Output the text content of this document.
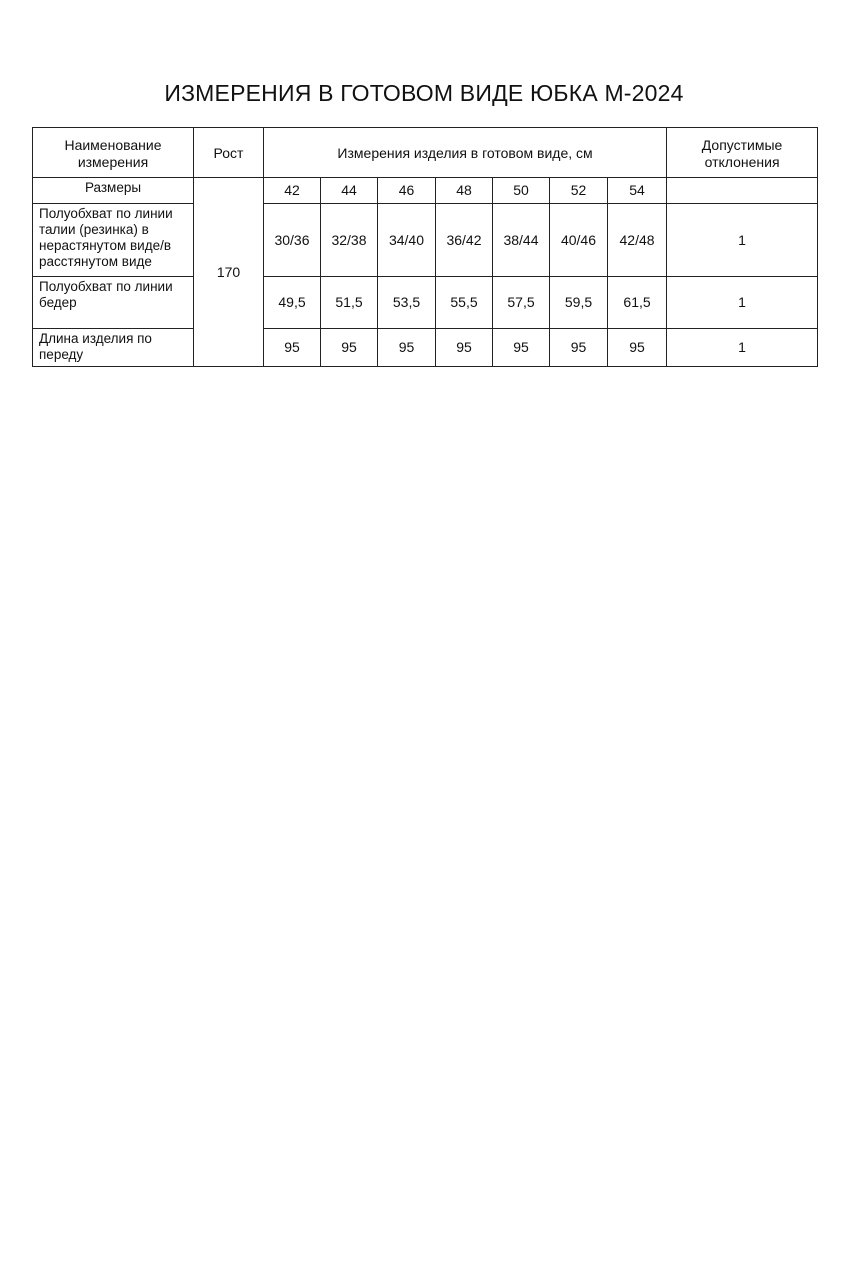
ИЗМЕРЕНИЯ В ГОТОВОМ ВИДЕ ЮБКА М-2024
Наименование измерения	Рост	Измерения изделия в готовом виде, см							Допустимые отклонения
Размеры	170	42	44	46	48	50	52	54	
Полуобхват по линии талии (резинка) в нерастянутом виде/в расстянутом виде		30/36	32/38	34/40	36/42	38/44	40/46	42/48	1
Полуобхват по линии бедер		49,5	51,5	53,5	55,5	57,5	59,5	61,5	1
Длина изделия по переду		95	95	95	95	95	95	95	1
